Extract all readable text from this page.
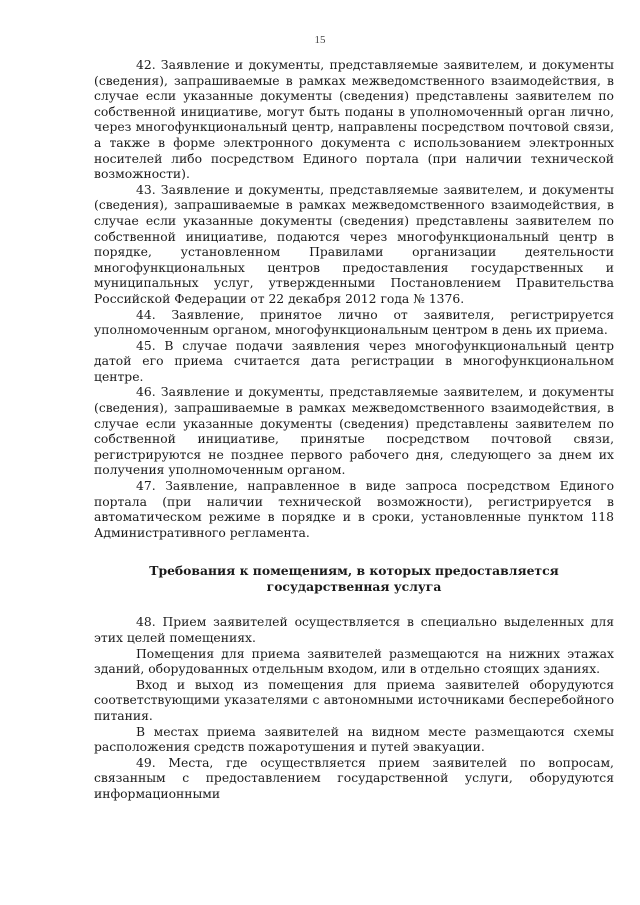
15

42. Заявление и документы, представляемые заявителем, и документы (сведения), запрашиваемые в рамках межведомственного взаимодействия, в случае если указанные документы (сведения) представлены заявителем по собственной инициативе, могут быть поданы в уполномоченный орган лично, через многофункциональный центр, направлены посредством почтовой связи, а также в форме электронного документа с использованием электронных носителей либо посредством Единого портала (при наличии технической возможности).

43. Заявление и документы, представляемые заявителем, и документы (сведения), запрашиваемые в рамках межведомственного взаимодействия, в случае если указанные документы (сведения) представлены заявителем по собственной инициативе, подаются через многофункциональный центр в порядке, установленном Правилами организации деятельности многофункциональных центров предоставления государственных и муниципальных услуг, утвержденными Постановлением Правительства Российской Федерации от 22 декабря 2012 года № 1376.

44. Заявление, принятое лично от заявителя, регистрируется уполномоченным органом, многофункциональным центром в день их приема.

45. В случае подачи заявления через многофункциональный центр датой его приема считается дата регистрации в многофункциональном центре.

46. Заявление и документы, представляемые заявителем, и документы (сведения), запрашиваемые в рамках межведомственного взаимодействия, в случае если указанные документы (сведения) представлены заявителем по собственной инициативе, принятые посредством почтовой связи, регистрируются не позднее первого рабочего дня, следующего за днем их получения уполномоченным органом.

47. Заявление, направленное в виде запроса посредством Единого портала (при наличии технической возможности), регистрируется в автоматическом режиме в порядке и в сроки, установленные пунктом 118 Административного регламента.

Требования к помещениям, в которых предоставляется
государственная услуга

48. Прием заявителей осуществляется в специально выделенных для этих целей помещениях.

Помещения для приема заявителей размещаются на нижних этажах зданий, оборудованных отдельным входом, или в отдельно стоящих зданиях.

Вход и выход из помещения для приема заявителей оборудуются соответствующими указателями с автономными источниками бесперебойного питания.

В местах приема заявителей на видном месте размещаются схемы расположения средств пожаротушения и путей эвакуации.

49. Места, где осуществляется прием заявителей по вопросам, связанным с предоставлением государственной услуги, оборудуются информационными
